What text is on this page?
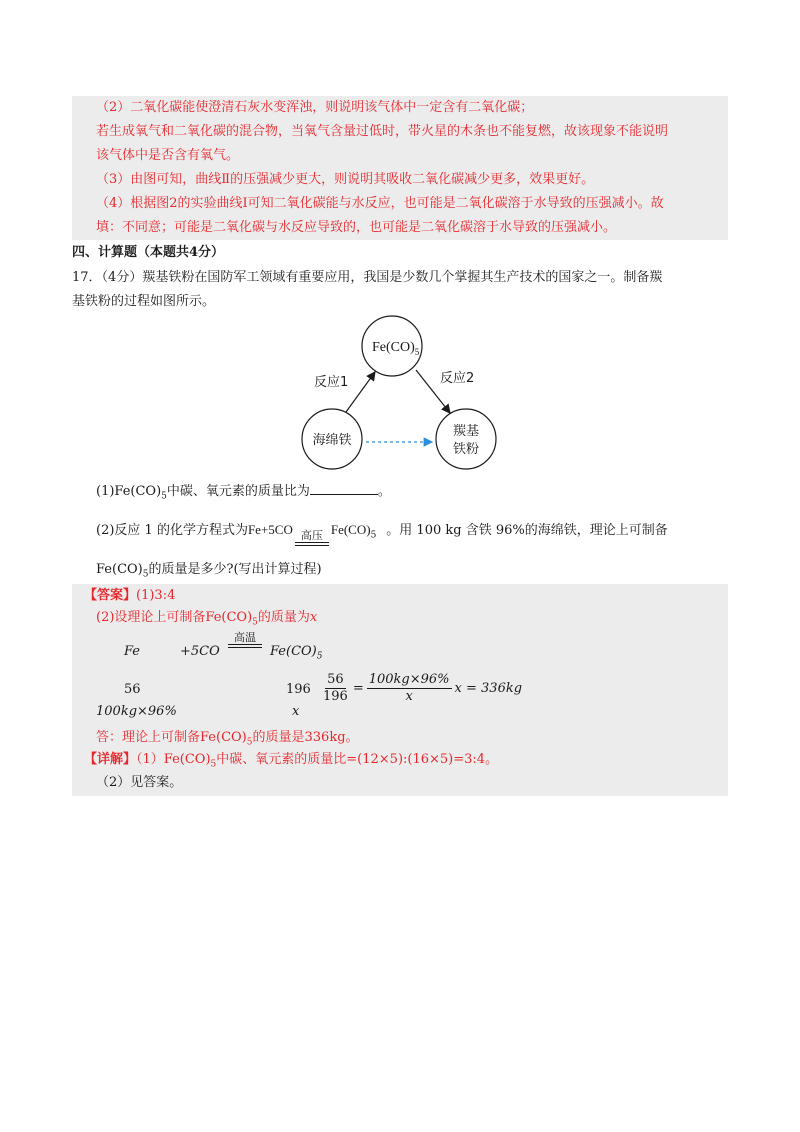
（2）二氧化碳能使澄清石灰水变浑浊，则说明该气体中一定含有二氧化碳；
若生成氧气和二氧化碳的混合物，当氧气含量过低时，带火星的木条也不能复燃，故该现象不能说明
该气体中是否含有氧气。
（3）由图可知，曲线Ⅱ的压强减少更大，则说明其吸收二氧化碳减少更多，效果更好。
（4）根据图2的实验曲线Ⅰ可知二氧化碳能与水反应，也可能是二氧化碳溶于水导致的压强减小。故
填：不同意；可能是二氧化碳与水反应导致的，也可能是二氧化碳溶于水导致的压强减小。
四、计算题（本题共4分）
17．（4分）羰基铁粉在国防军工领域有重要应用，我国是少数几个掌握其生产技术的国家之一。制备羰
基铁粉的过程如图所示。
$Fe(CO)_5$
海绵铁
羰基
铁粉
反应1	反应2
$(1)Fe(CO)_5$中碳、氧元素的质量比为	。
(2)反应 1 的化学方程式为Fe+5CO 高压 $Fe(CO)_5$ 。用 100 kg 含铁 96%的海绵铁，理论上可制备
$Fe(CO)_5$的质量是多少?(写出计算过程)
【答案】(1)3:4
(2)设理论上可制备$Fe(CO)_5$的质量为x
Fe	+5CO
高温
$Fe(CO)_5$
56	196
100kg×96%	x
$\frac{56}{196} = \frac{100kg\times 96\%}{x}$ x = 336kg
答：理论上可制备$Fe(CO)_5$的质量是336kg。
【详解】$(1)Fe(CO)_5$中碳、氧元素的质量比=(12×5):(16×5)=3:4。
（2）见答案。
